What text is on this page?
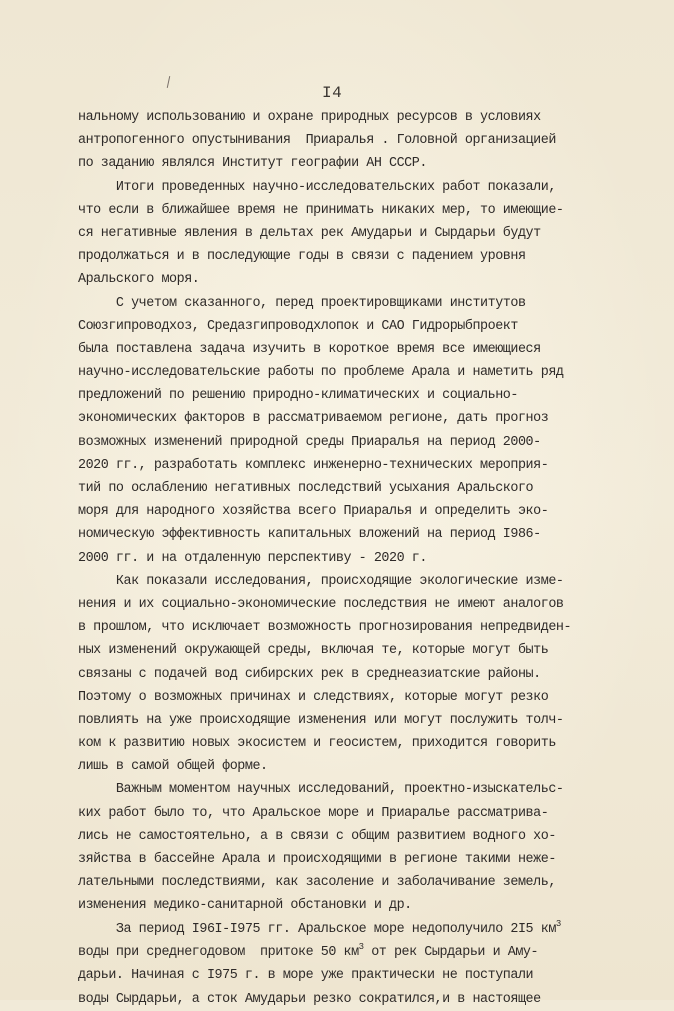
I4
нальному использованию и охране природных ресурсов в условиях
антропогенного опустынивания  Приаралья . Головной организацией
по заданию являлся Институт географии АН СССР.
Итоги проведенных научно-исследовательских работ показали,
что если в ближайшее время не принимать никаких мер, то имеющие-
ся негативные явления в дельтах рек Амударьи и Сырдарьи будут
продолжаться и в последующие годы в связи с падением уровня
Аральского моря.
С учетом сказанного, перед проектировщиками институтов
Союзгипроводхоз, Средазгипроводхлопок и САО Гидрорыбпроект
была поставлена задача изучить в короткое время все имеющиеся
научно-исследовательские работы по проблеме Арала и наметить ряд
предложений по решению природно-климатических и социально-
экономических факторов в рассматриваемом регионе, дать прогноз
возможных изменений природной среды Приаралья на период 2000-
2020 гг., разработать комплекс инженерно-технических мероприя-
тий по ослаблению негативных последствий усыхания Аральского
моря для народного хозяйства всего Приаралья и определить эко-
номическую эффективность капитальных вложений на период I986-
2000 гг. и на отдаленную перспективу - 2020 г.
Как показали исследования, происходящие экологические изме-
нения и их социально-экономические последствия не имеют аналогов
в прошлом, что исключает возможность прогнозирования непредвиден-
ных изменений окружающей среды, включая те, которые могут быть
связаны с подачей вод сибирских рек в среднеазиатские районы.
Поэтому о возможных причинах и следствиях, которые могут резко
повлиять на уже происходящие изменения или могут послужить толч-
ком к развитию новых экосистем и геосистем, приходится говорить
лишь в самой общей форме.
Важным моментом научных исследований, проектно-изыскательс-
ких работ было то, что Аральское море и Приаралье рассматрива-
лись не самостоятельно, а в связи с общим развитием водного хо-
зяйства в бассейне Арала и происходящими в регионе такими неже-
лательными последствиями, как засоление и заболачивание земель,
изменения медико-санитарной обстановки и др.
За период I96I-I975 гг. Аральское море недополучило 2I5 $км^3$
воды при среднегодовом  притоке 50 $км^3$ от рек Сырдарьи и Аму-
дарьи. Начиная с I975 г. в море уже практически не поступали
воды Сырдарьи, а сток Амударьи резко сократился,и в настоящее
